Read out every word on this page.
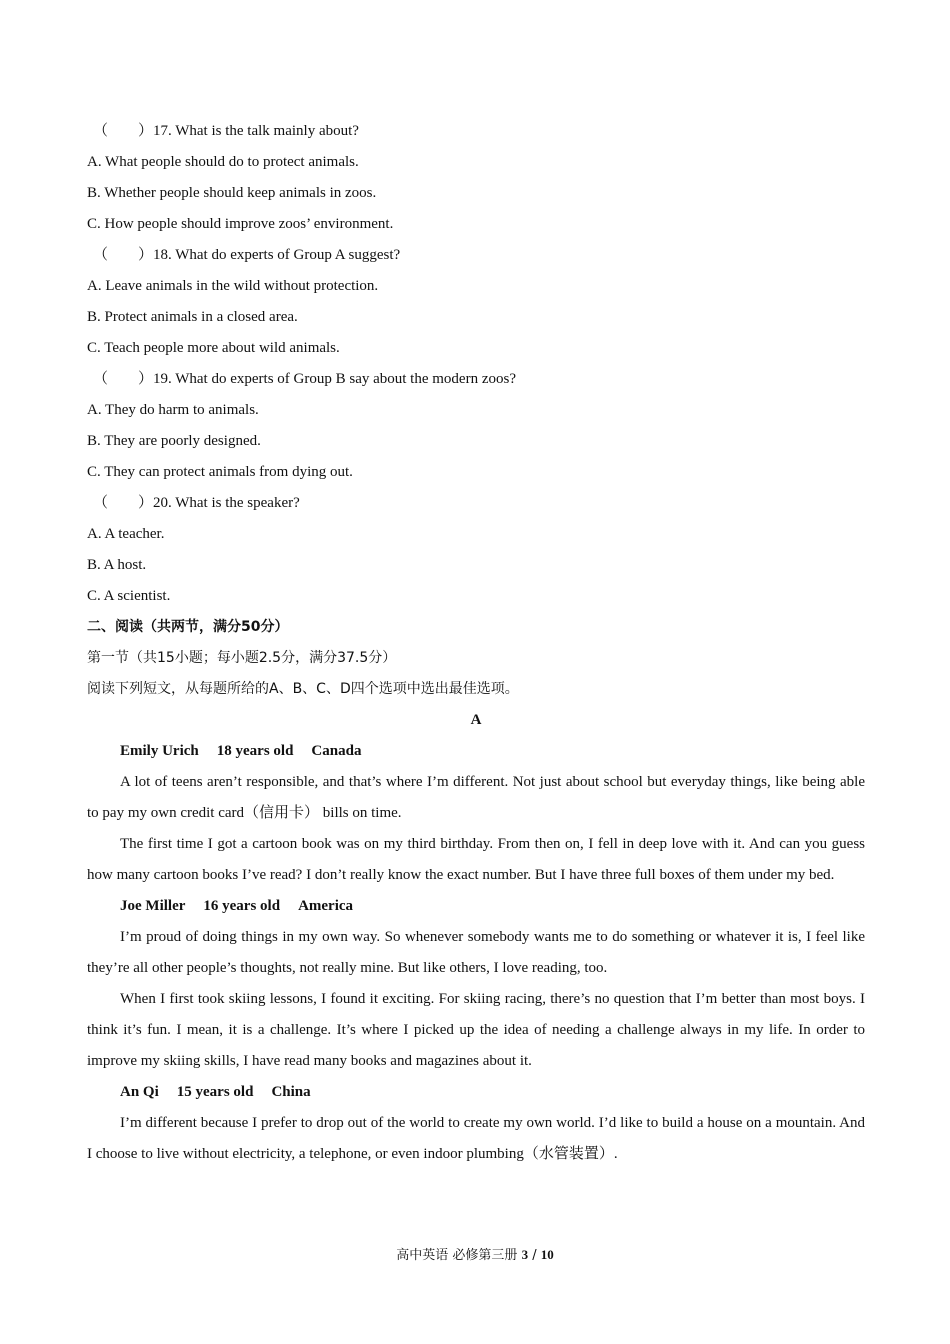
（　　）17. What is the talk mainly about?
A. What people should do to protect animals.
B. Whether people should keep animals in zoos.
C. How people should improve zoos’ environment.
（　　）18. What do experts of Group A suggest?
A. Leave animals in the wild without protection.
B. Protect animals in a closed area.
C. Teach people more about wild animals.
（　　）19. What do experts of Group B say about the modern zoos?
A. They do harm to animals.
B. They are poorly designed.
C. They can protect animals from dying out.
（　　）20. What is the speaker?
A. A teacher.
B. A host.
C. A scientist.
二、阅读（共两节，满分50分）
第一节（共15小题；每小题2.5分，满分37.5分）
阅读下列短文，从每题所给的A、B、C、D四个选项中选出最佳选项。
A
Emily Urich 18 years old Canada
A lot of teens aren’t responsible, and that’s where I’m different. Not just about school but everyday things, like being able to pay my own credit card（信用卡） bills on time.
The first time I got a cartoon book was on my third birthday. From then on, I fell in deep love with it. And can you guess how many cartoon books I’ve read? I don’t really know the exact number. But I have three full boxes of them under my bed.
Joe Miller 16 years old America
I’m proud of doing things in my own way. So whenever somebody wants me to do something or whatever it is, I feel like they’re all other people’s thoughts, not really mine. But like others, I love reading, too.
When I first took skiing lessons, I found it exciting. For skiing racing, there’s no question that I’m better than most boys. I think it’s fun. I mean, it is a challenge. It’s where I picked up the idea of needing a challenge always in my life. In order to improve my skiing skills, I have read many books and magazines about it.
An Qi 15 years old China
I’m different because I prefer to drop out of the world to create my own world. I’d like to build a house on a mountain. And I choose to live without electricity, a telephone, or even indoor plumbing（水管装置）.
高中英语 必修第三册 3 / 10
